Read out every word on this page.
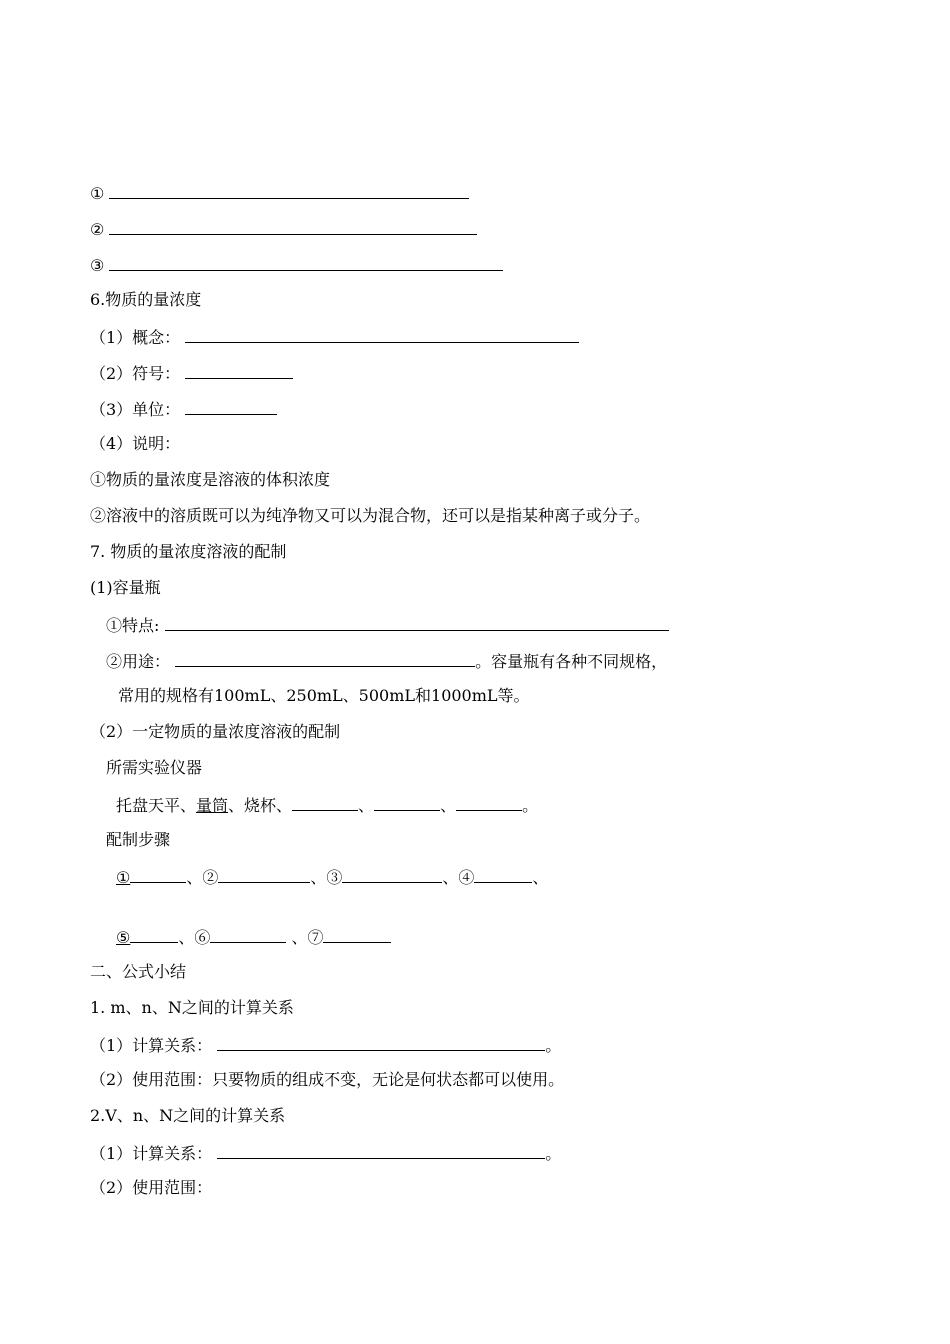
①
②
③
6.物质的量浓度
（1）概念：
（2）符号：
（3）单位：
（4）说明：
①物质的量浓度是溶液的体积浓度
②溶液中的溶质既可以为纯净物又可以为混合物，还可以是指某种离子或分子。
7. 物质的量浓度溶液的配制
(1)容量瓶
①特点:
②用途：	。容量瓶有各种不同规格，
常用的规格有100mL、250mL、500mL和1000mL等。
（2）一定物质的量浓度溶液的配制
所需实验仪器
托盘天平、量筒、烧杯、	、	、	。
配制步骤
①	、②	、③	、④	、
⑤	、⑥	、⑦
二、公式小结
1. m、n、N之间的计算关系
（1）计算关系：	。
（2）使用范围：只要物质的组成不变，无论是何状态都可以使用。
2.V、n、N之间的计算关系
（1）计算关系：	。
（2）使用范围：
